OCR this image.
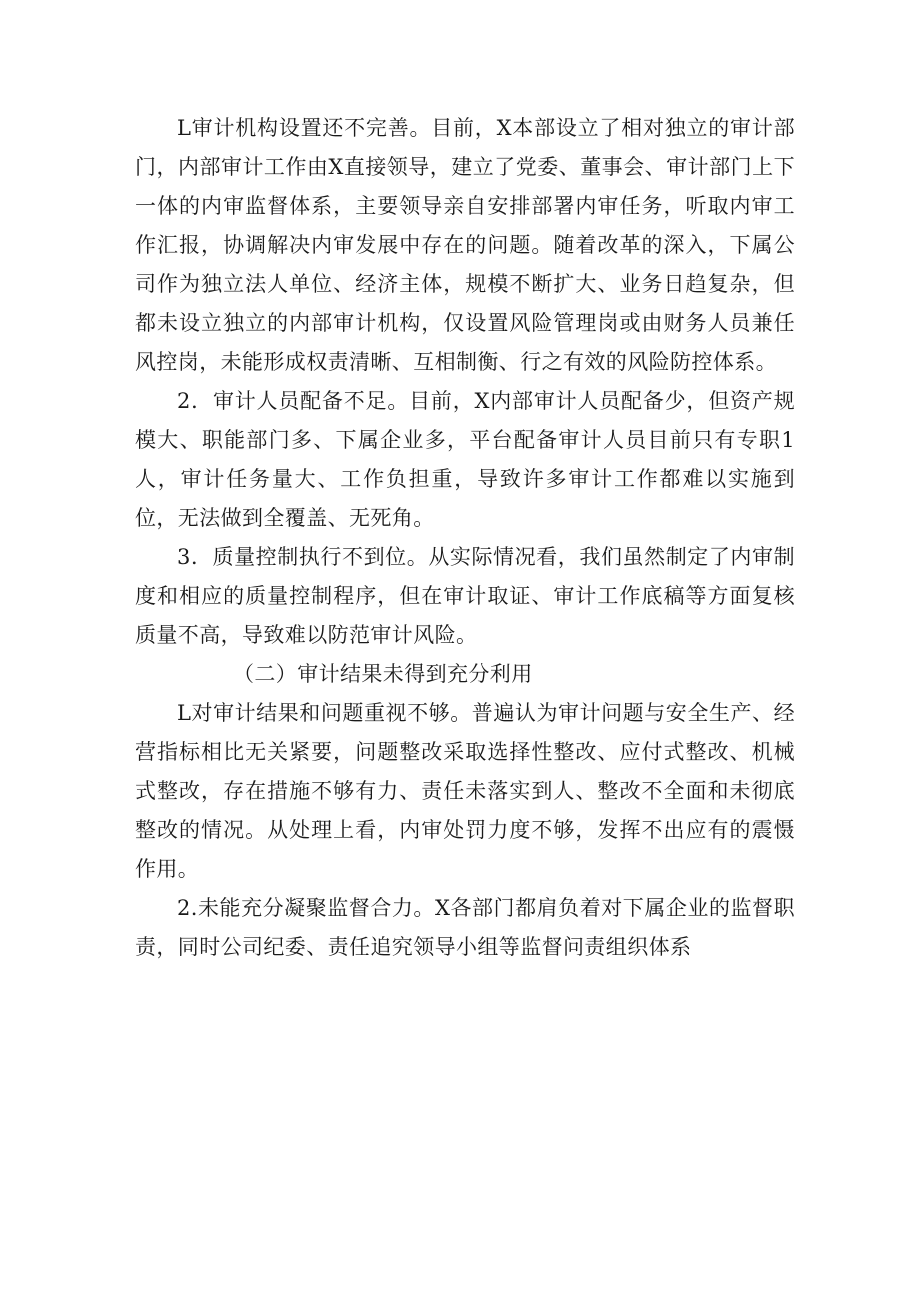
L审计机构设置还不完善。目前，X本部设立了相对独立的审计部门，内部审计工作由X直接领导，建立了党委、董事会、审计部门上下一体的内审监督体系，主要领导亲自安排部署内审任务，听取内审工作汇报，协调解决内审发展中存在的问题。随着改革的深入，下属公司作为独立法人单位、经济主体，规模不断扩大、业务日趋复杂，但都未设立独立的内部审计机构，仅设置风险管理岗或由财务人员兼任风控岗，未能形成权责清晰、互相制衡、行之有效的风险防控体系。

2．审计人员配备不足。目前，X内部审计人员配备少，但资产规模大、职能部门多、下属企业多，平台配备审计人员目前只有专职1人，审计任务量大、工作负担重，导致许多审计工作都难以实施到位，无法做到全覆盖、无死角。

3．质量控制执行不到位。从实际情况看，我们虽然制定了内审制度和相应的质量控制程序，但在审计取证、审计工作底稿等方面复核质量不高，导致难以防范审计风险。

（二）审计结果未得到充分利用

L对审计结果和问题重视不够。普遍认为审计问题与安全生产、经营指标相比无关紧要，问题整改采取选择性整改、应付式整改、机械式整改，存在措施不够有力、责任未落实到人、整改不全面和未彻底整改的情况。从处理上看，内审处罚力度不够，发挥不出应有的震慑作用。

2.未能充分凝聚监督合力。X各部门都肩负着对下属企业的监督职责，同时公司纪委、责任追究领导小组等监督问责组织体系
